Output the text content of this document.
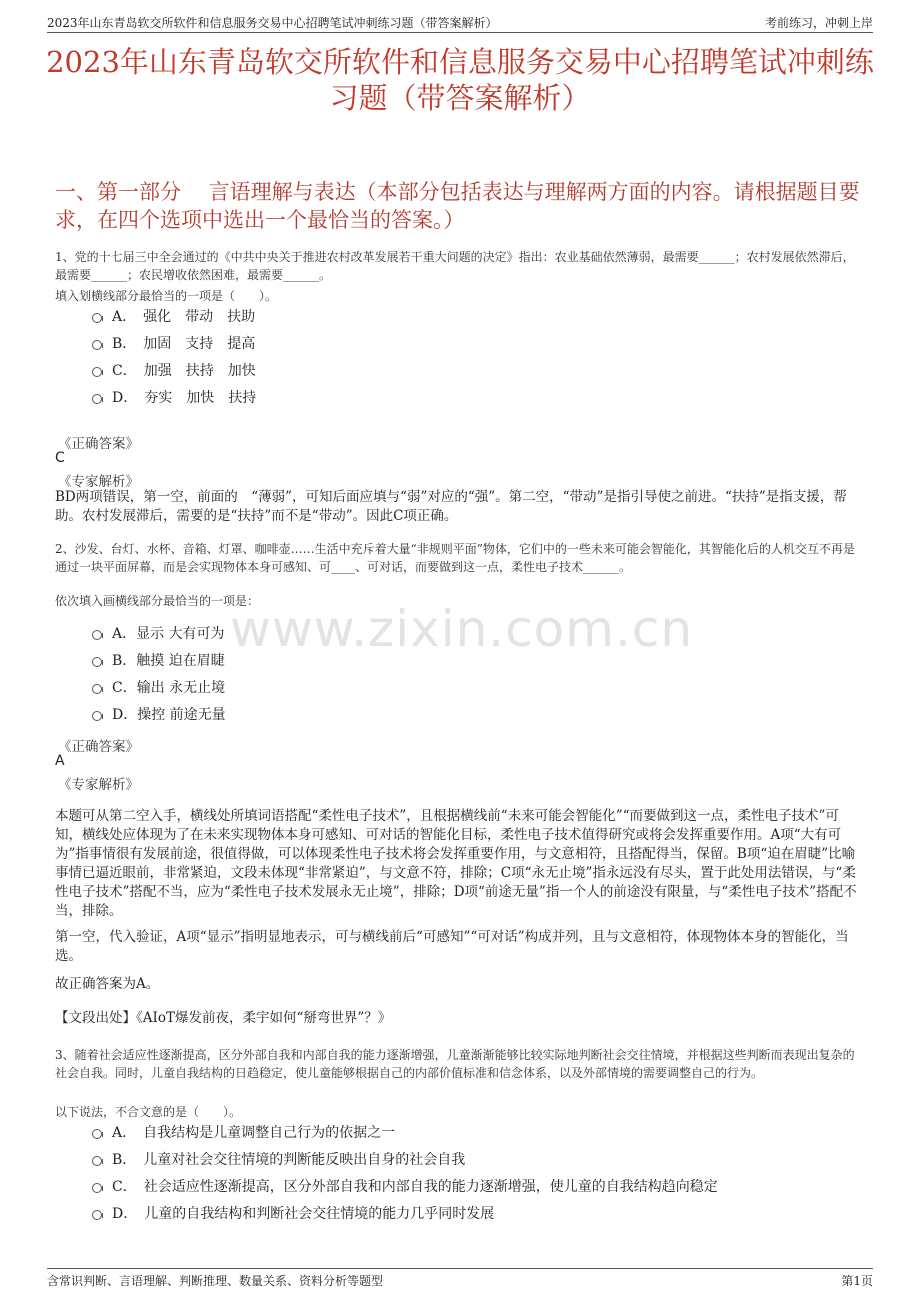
2023年山东青岛软交所软件和信息服务交易中心招聘笔试冲刺练习题（带答案解析）	考前练习，冲刺上岸
2023年山东青岛软交所软件和信息服务交易中心招聘笔试冲刺练习题（带答案解析）
一、第一部分　 言语理解与表达（本部分包括表达与理解两方面的内容。请根据题目要求，在四个选项中选出一个最恰当的答案。）
www.zixin.com.cn
1、党的十七届三中全会通过的《中共中央关于推进农村改革发展若干重大问题的决定》指出：农业基础依然薄弱，最需要______；农村发展依然滞后，最需要______；农民增收依然困难，最需要______。
填入划横线部分最恰当的一项是（　　）。
A．　强化　带动　扶助
B．　加固　支持　提高
C．　加强　扶持　加快
D．　夯实　加快　扶持
《正确答案》
C
《专家解析》
BD两项错误，第一空，前面的　“薄弱”，可知后面应填与“弱”对应的“强”。第二空，“带动”是指引导使之前进。“扶持”是指支援，帮助。农村发展滞后，需要的是“扶持”而不是“带动”。因此C项正确。
2、沙发、台灯、水杯、音箱、灯罩、咖啡壶……生活中充斥着大量“非规则平面”物体，它们中的一些未来可能会智能化，其智能化后的人机交互不再是通过一块平面屏幕，而是会实现物体本身可感知、可____、可对话，而要做到这一点，柔性电子技术______。
依次填入画横线部分最恰当的一项是：
A．显示 大有可为
B．触摸 迫在眉睫
C．输出 永无止境
D．操控 前途无量
《正确答案》
A
《专家解析》
本题可从第二空入手，横线处所填词语搭配“柔性电子技术”，且根据横线前“未来可能会智能化”“而要做到这一点，柔性电子技术”可知，横线处应体现为了在未来实现物体本身可感知、可对话的智能化目标，柔性电子技术值得研究或将会发挥重要作用。A项“大有可为”指事情很有发展前途，很值得做，可以体现柔性电子技术将会发挥重要作用，与文意相符，且搭配得当，保留。B项“迫在眉睫”比喻事情已逼近眼前，非常紧迫，文段未体现“非常紧迫”，与文意不符，排除；C项“永无止境”指永远没有尽头，置于此处用法错误，与“柔性电子技术”搭配不当，应为“柔性电子技术发展永无止境”，排除；D项“前途无量”指一个人的前途没有限量，与“柔性电子技术”搭配不当，排除。
第一空，代入验证，A项“显示”指明显地表示，可与横线前后“可感知”“可对话”构成并列，且与文意相符，体现物体本身的智能化，当选。
故正确答案为A。
【文段出处】《AIoT爆发前夜，柔宇如何“掰弯世界”？》
3、随着社会适应性逐渐提高，区分外部自我和内部自我的能力逐渐增强，儿童渐渐能够比较实际地判断社会交往情境，并根据这些判断而表现出复杂的社会自我。同时，儿童自我结构的日趋稳定，使儿童能够根据自己的内部价值标准和信念体系，以及外部情境的需要调整自己的行为。
以下说法，不合文意的是（　　）。
A．　自我结构是儿童调整自己行为的依据之一
B．　儿童对社会交往情境的判断能反映出自身的社会自我
C．　社会适应性逐渐提高，区分外部自我和内部自我的能力逐渐增强，使儿童的自我结构趋向稳定
D．　儿童的自我结构和判断社会交往情境的能力几乎同时发展
含常识判断、言语理解、判断推理、数量关系、资料分析等题型	第1页
